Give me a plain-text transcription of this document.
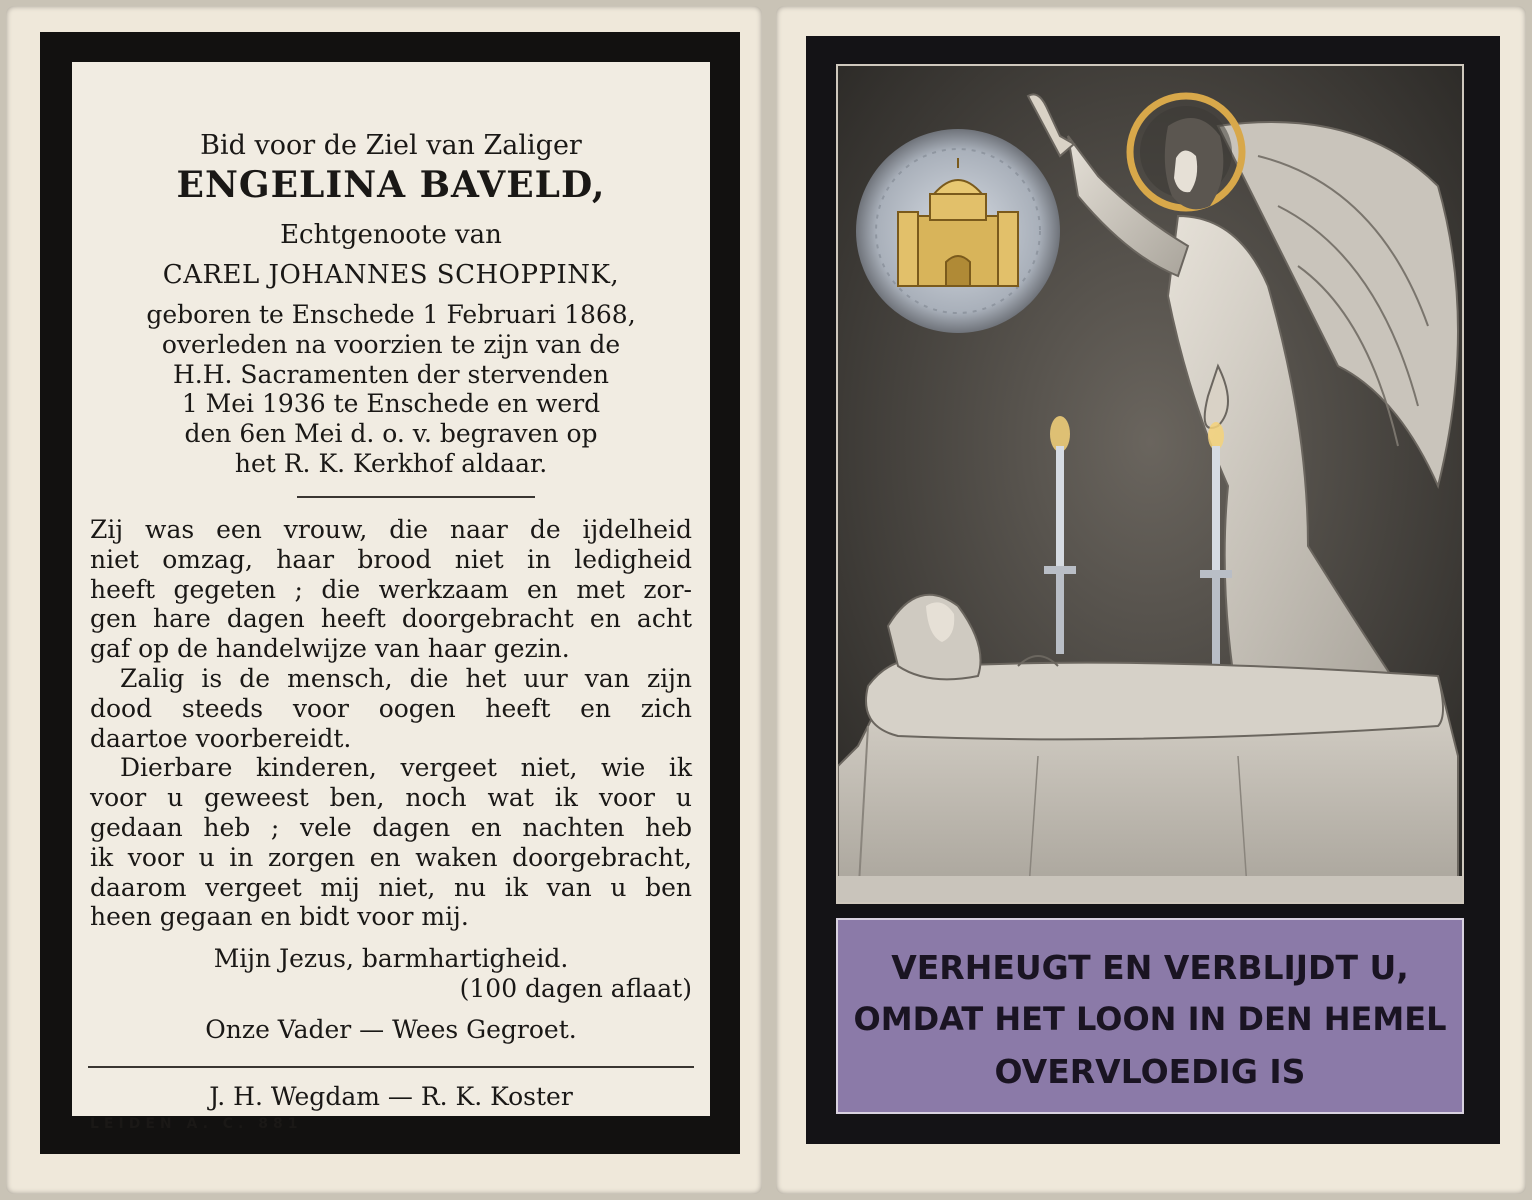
Bid voor de Ziel van Zaliger
ENGELINA BAVELD,
Echtgenoote van
CAREL JOHANNES SCHOPPINK,
geboren te Enschede 1 Februari 1868,
overleden na voorzien te zijn van de
H.H. Sacramenten der stervenden
1 Mei 1936 te Enschede en werd
den 6en Mei d. o. v. begraven op
het R. K. Kerkhof aldaar.
Zij was een vrouw, die naar de ijdelheid
niet omzag, haar brood niet in ledigheid
heeft gegeten ; die werkzaam en met zor-
gen hare dagen heeft doorgebracht en acht
gaf op de handelwijze van haar gezin.
Zalig is de mensch, die het uur van zijn
dood steeds voor oogen heeft en zich
daartoe voorbereidt.
Dierbare kinderen, vergeet niet, wie ik
voor u geweest ben, noch wat ik voor u
gedaan heb ; vele dagen en nachten heb
ik voor u in zorgen en waken doorgebracht,
daarom vergeet mij niet, nu ik van u ben
heen gegaan en bidt voor mij.
Mijn Jezus, barmhartigheid.
(100 dagen aflaat)
Onze Vader — Wees Gegroet.
J. H. Wegdam — R. K. Koster
LEIDEN A. C. 881
VERHEUGT EN VERBLIJDT U,
OMDAT HET LOON IN DEN HEMEL
OVERVLOEDIG IS
